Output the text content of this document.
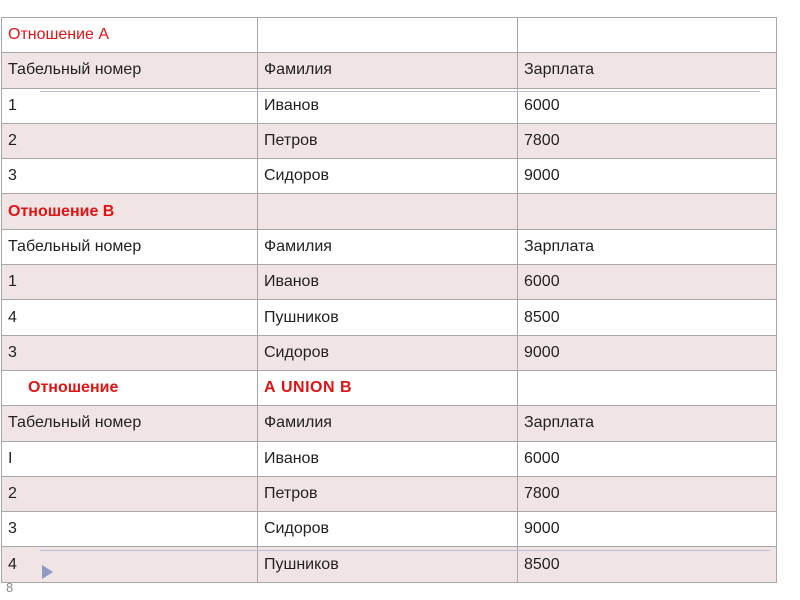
Отношение А		
Табельный номер	Фамилия	Зарплата
1	Иванов	6000
2	Петров	7800
3	Сидоров	9000
Отношение В		
Табельный номер	Фамилия	Зарплата
1	Иванов	6000
4	Пушников	8500
3	Сидоров	9000
Отношение	А UNION В	
Табельный номер	Фамилия	Зарплата
I	Иванов	6000
2	Петров	7800
3	Сидоров	9000
4	Пушников	8500
8
